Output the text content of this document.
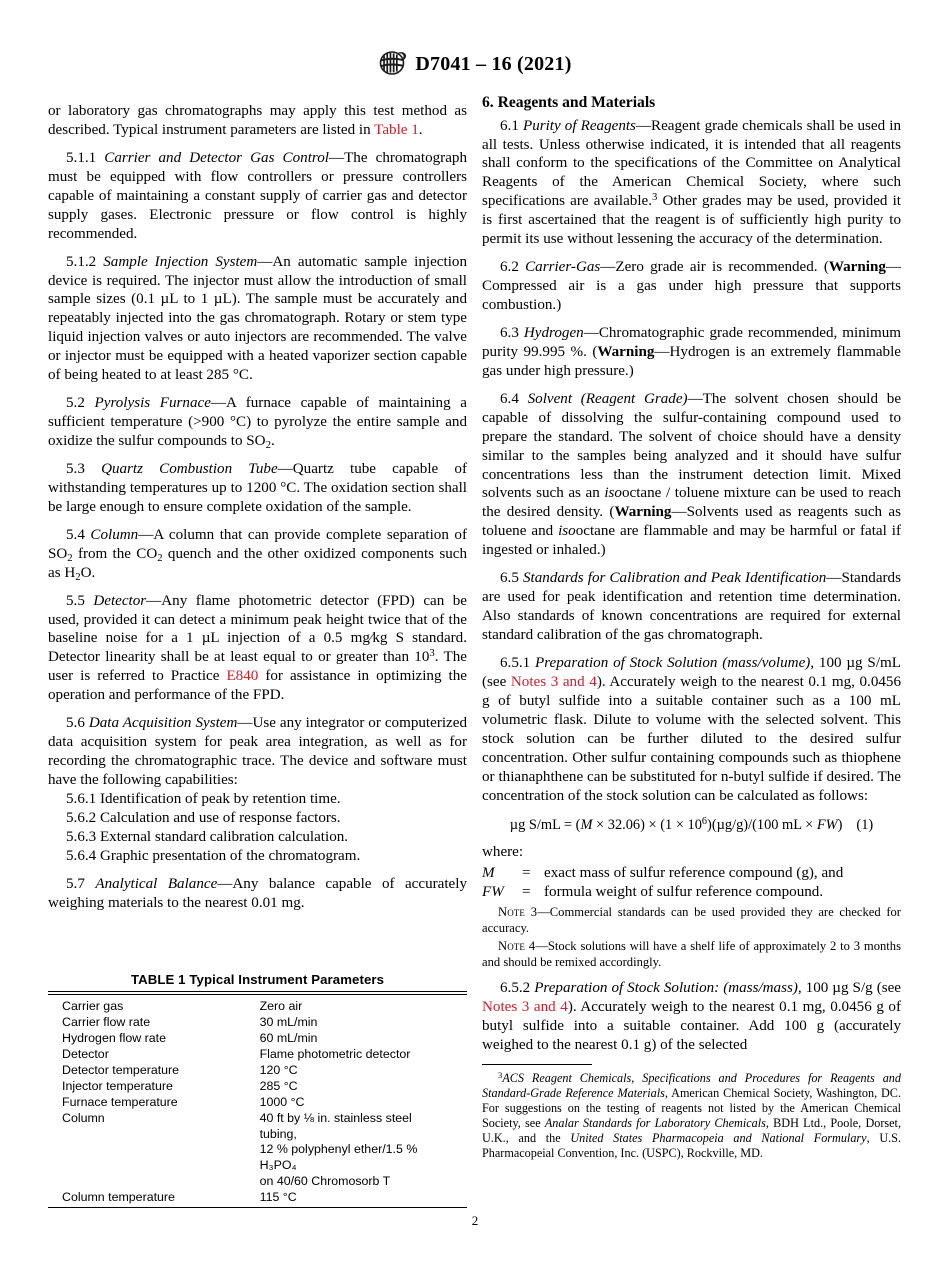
D7041 – 16 (2021)

or laboratory gas chromatographs may apply this test method as described. Typical instrument parameters are listed in Table 1.

5.1.1 Carrier and Detector Gas Control—The chromatograph must be equipped with flow controllers or pressure controllers capable of maintaining a constant supply of carrier gas and detector supply gases. Electronic pressure or flow control is highly recommended.

5.1.2 Sample Injection System—An automatic sample injection device is required. The injector must allow the introduction of small sample sizes (0.1 µL to 1 µL). The sample must be accurately and repeatably injected into the gas chromatograph. Rotary or stem type liquid injection valves or auto injectors are recommended. The valve or injector must be equipped with a heated vaporizer section capable of being heated to at least 285 °C.

5.2 Pyrolysis Furnace—A furnace capable of maintaining a sufficient temperature (>900 °C) to pyrolyze the entire sample and oxidize the sulfur compounds to $SO_2$.

5.3 Quartz Combustion Tube—Quartz tube capable of withstanding temperatures up to 1200 °C. The oxidation section shall be large enough to ensure complete oxidation of the sample.

5.4 Column—A column that can provide complete separation of $SO_2$ from the $CO_2$ quench and the other oxidized components such as $H_2O$.

5.5 Detector—Any flame photometric detector (FPD) can be used, provided it can detect a minimum peak height twice that of the baseline noise for a 1 µL injection of a 0.5 mg⁄kg S standard. Detector linearity shall be at least equal to or greater than $10^3$. The user is referred to Practice E840 for assistance in optimizing the operation and performance of the FPD.

5.6 Data Acquisition System—Use any integrator or computerized data acquisition system for peak area integration, as well as for recording the chromatographic trace. The device and software must have the following capabilities:

5.6.1 Identification of peak by retention time.

5.6.2 Calculation and use of response factors.

5.6.3 External standard calibration calculation.

5.6.4 Graphic presentation of the chromatogram.

5.7 Analytical Balance—Any balance capable of accurately weighing materials to the nearest 0.01 mg.

TABLE 1 Typical Instrument Parameters
Carrier gas	Zero air
Carrier flow rate	30 mL/min
Hydrogen flow rate	60 mL/min
Detector	Flame photometric detector
Detector temperature	120 °C
Injector temperature	285 °C
Furnace temperature	1000 °C
Column	40 ft by ⅛ in. stainless steel
tubing,
12 % polyphenyl ether/1.5 %
H₃PO₄
on 40/60 Chromosorb T

Column temperature	115 °C

6. Reagents and Materials

6.1 Purity of Reagents—Reagent grade chemicals shall be used in all tests. Unless otherwise indicated, it is intended that all reagents shall conform to the specifications of the Committee on Analytical Reagents of the American Chemical Society, where such specifications are available.$^3$ Other grades may be used, provided it is first ascertained that the reagent is of sufficiently high purity to permit its use without lessening the accuracy of the determination.

6.2 Carrier-Gas—Zero grade air is recommended. (Warning—Compressed air is a gas under high pressure that supports combustion.)

6.3 Hydrogen—Chromatographic grade recommended, minimum purity 99.995 %. (Warning—Hydrogen is an extremely flammable gas under high pressure.)

6.4 Solvent (Reagent Grade)—The solvent chosen should be capable of dissolving the sulfur-containing compound used to prepare the standard. The solvent of choice should have a density similar to the samples being analyzed and it should have sulfur concentrations less than the instrument detection limit. Mixed solvents such as an isooctane / toluene mixture can be used to reach the desired density. (Warning—Solvents used as reagents such as toluene and isooctane are flammable and may be harmful or fatal if ingested or inhaled.)

6.5 Standards for Calibration and Peak Identification—Standards are used for peak identification and retention time determination. Also standards of known concentrations are required for external standard calibration of the gas chromatograph.

6.5.1 Preparation of Stock Solution (mass/volume), 100 µg S/mL (see Notes 3 and 4). Accurately weigh to the nearest 0.1 mg, 0.0456 g of butyl sulfide into a suitable container such as a 100 mL volumetric flask. Dilute to volume with the selected solvent. This stock solution can be further diluted to the desired sulfur concentration. Other sulfur containing compounds such as thiophene or thianaphthene can be substituted for n-butyl sulfide if desired. The concentration of the stock solution can be calculated as follows:

µg $S/mL = (M \times 32.06) \times (1 \times 10^6)(\mu g/g)/(100$ mL × FW) (1)

where:

M = exact mass of sulfur reference compound (g), and
FW = formula weight of sulfur reference compound.

Note 3—Commercial standards can be used provided they are checked for accuracy.

Note 4—Stock solutions will have a shelf life of approximately 2 to 3 months and should be remixed accordingly.

6.5.2 Preparation of Stock Solution: (mass/mass), 100 µg S/g (see Notes 3 and 4). Accurately weigh to the nearest 0.1 mg, 0.0456 g of butyl sulfide into a suitable container. Add 100 g (accurately weighed to the nearest 0.1 g) of the selected

$^3$ACS Reagent Chemicals, Specifications and Procedures for Reagents and Standard-Grade Reference Materials, American Chemical Society, Washington, DC. For suggestions on the testing of reagents not listed by the American Chemical Society, see Analar Standards for Laboratory Chemicals, BDH Ltd., Poole, Dorset, U.K., and the United States Pharmacopeia and National Formulary, U.S. Pharmacopeial Convention, Inc. (USPC), Rockville, MD.

2
